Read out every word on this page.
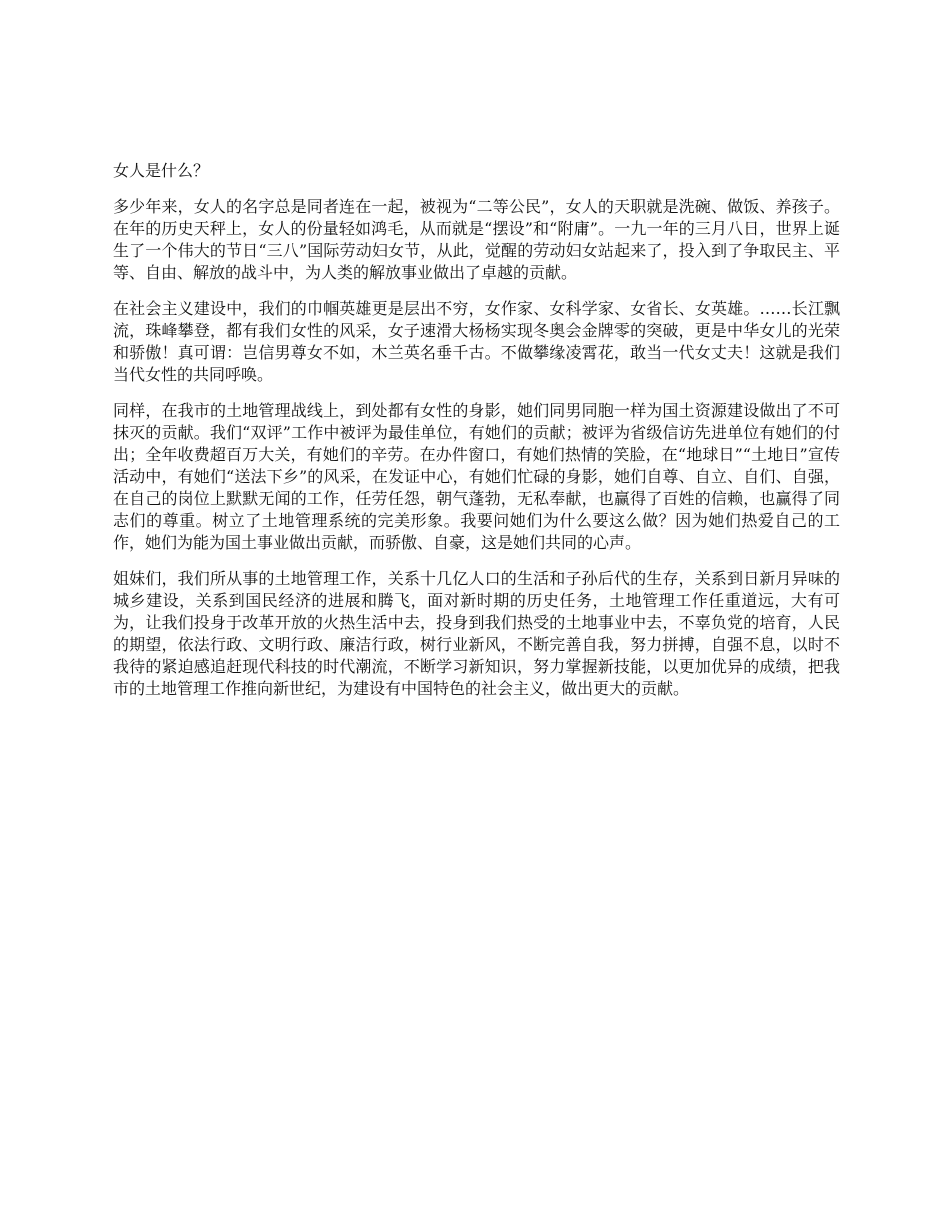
女人是什么？

多少年来，女人的名字总是同者连在一起，被视为“二等公民”，女人的天职就是洗碗、做饭、养孩子。在年的历史天秤上，女人的份量轻如鸿毛，从而就是“摆设”和“附庸”。一九一年的三月八日，世界上诞生了一个伟大的节日“三八”国际劳动妇女节，从此，觉醒的劳动妇女站起来了，投入到了争取民主、平等、自由、解放的战斗中，为人类的解放事业做出了卓越的贡献。

在社会主义建设中，我们的巾帼英雄更是层出不穷，女作家、女科学家、女省长、女英雄。……长江飘流，珠峰攀登，都有我们女性的风采，女子速滑大杨杨实现冬奥会金牌零的突破，更是中华女儿的光荣和骄傲！真可谓：岂信男尊女不如，木兰英名垂千古。不做攀缘凌霄花，敢当一代女丈夫！这就是我们当代女性的共同呼唤。

同样，在我市的土地管理战线上，到处都有女性的身影，她们同男同胞一样为国土资源建设做出了不可抹灭的贡献。我们“双评”工作中被评为最佳单位，有她们的贡献；被评为省级信访先进单位有她们的付出；全年收费超百万大关，有她们的辛劳。在办件窗口，有她们热情的笑脸，在“地球日”“土地日”宣传活动中，有她们“送法下乡”的风采，在发证中心，有她们忙碌的身影，她们自尊、自立、自们、自强，在自己的岗位上默默无闻的工作，任劳任怨，朝气蓬勃，无私奉献，也赢得了百姓的信赖，也赢得了同志们的尊重。树立了土地管理系统的完美形象。我要问她们为什么要这么做？因为她们热爱自己的工作，她们为能为国土事业做出贡献，而骄傲、自豪，这是她们共同的心声。

姐妹们，我们所从事的土地管理工作，关系十几亿人口的生活和子孙后代的生存，关系到日新月异味的城乡建设，关系到国民经济的进展和腾飞，面对新时期的历史任务，土地管理工作任重道远，大有可为，让我们投身于改革开放的火热生活中去，投身到我们热受的土地事业中去，不辜负党的培育，人民的期望，依法行政、文明行政、廉洁行政，树行业新风，不断完善自我，努力拼搏，自强不息，以时不我待的紧迫感追赶现代科技的时代潮流，不断学习新知识，努力掌握新技能，以更加优异的成绩，把我市的土地管理工作推向新世纪，为建设有中国特色的社会主义，做出更大的贡献。
